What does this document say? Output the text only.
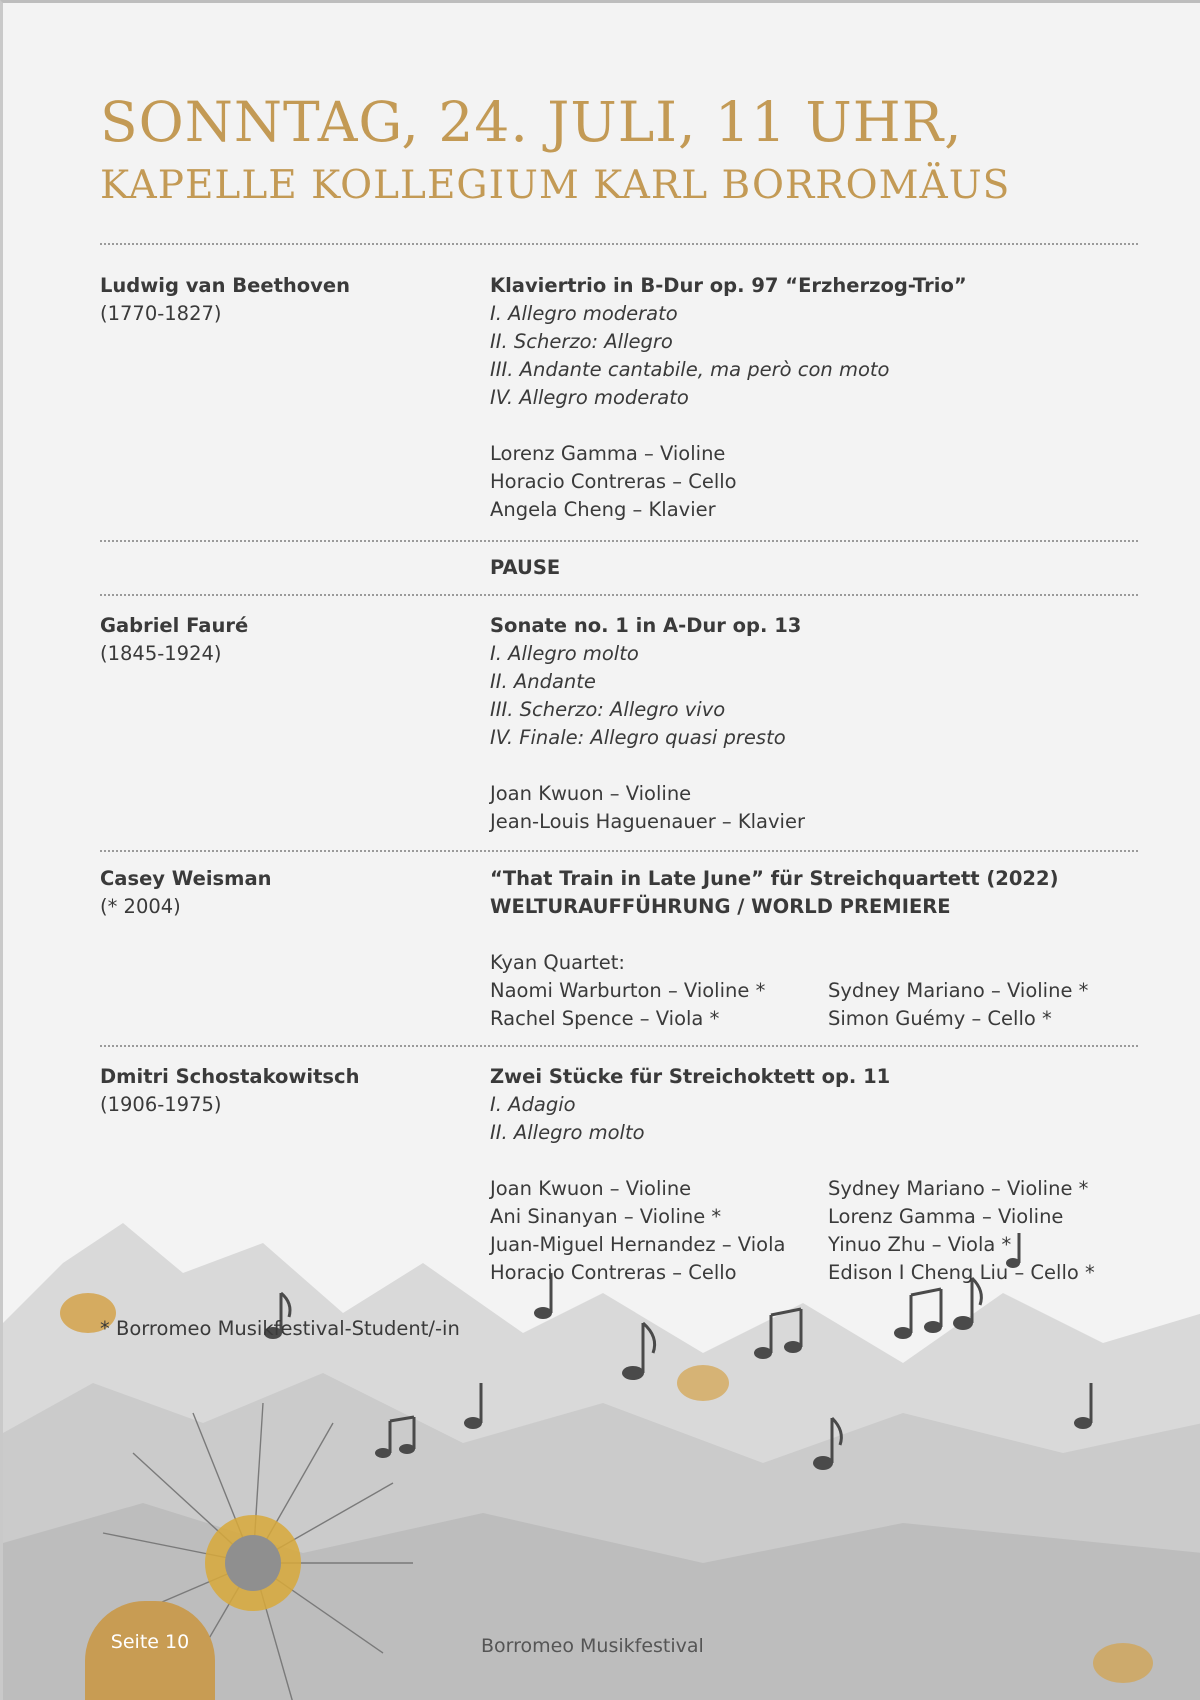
SONNTAG, 24. JULI, 11 UHR,
KAPELLE KOLLEGIUM KARL BORROMÄUS
Ludwig van Beethoven
(1770-1827)
Klaviertrio in B-Dur op. 97 “Erzherzog-Trio”
I. Allegro moderato
II. Scherzo: Allegro
III. Andante cantabile, ma però con moto
IV. Allegro moderato
Lorenz Gamma – Violine
Horacio Contreras – Cello
Angela Cheng – Klavier
PAUSE
Gabriel Fauré
(1845-1924)
Sonate no. 1 in A-Dur op. 13
I. Allegro molto
II. Andante
III. Scherzo: Allegro vivo
IV. Finale: Allegro quasi presto
Joan Kwuon – Violine
Jean-Louis Haguenauer – Klavier
Casey Weisman
(* 2004)
“That Train in Late June” für Streichquartett (2022)
WELTURAUFFÜHRUNG / WORLD PREMIERE
Kyan Quartet:
Naomi Warburton – Violine *
Rachel Spence – Viola *
Sydney Mariano – Violine *
Simon Guémy – Cello *
Dmitri Schostakowitsch
(1906-1975)
Zwei Stücke für Streichoktett op. 11
I. Adagio
II. Allegro molto
Joan Kwuon – Violine
Ani Sinanyan – Violine *
Juan-Miguel Hernandez – Viola
Horacio Contreras – Cello
Sydney Mariano – Violine *
Lorenz Gamma – Violine
Yinuo Zhu – Viola *
Edison I Cheng Liu – Cello *
* Borromeo Musikfestival-Student/-in
Seite 10	Borromeo Musikfestival
